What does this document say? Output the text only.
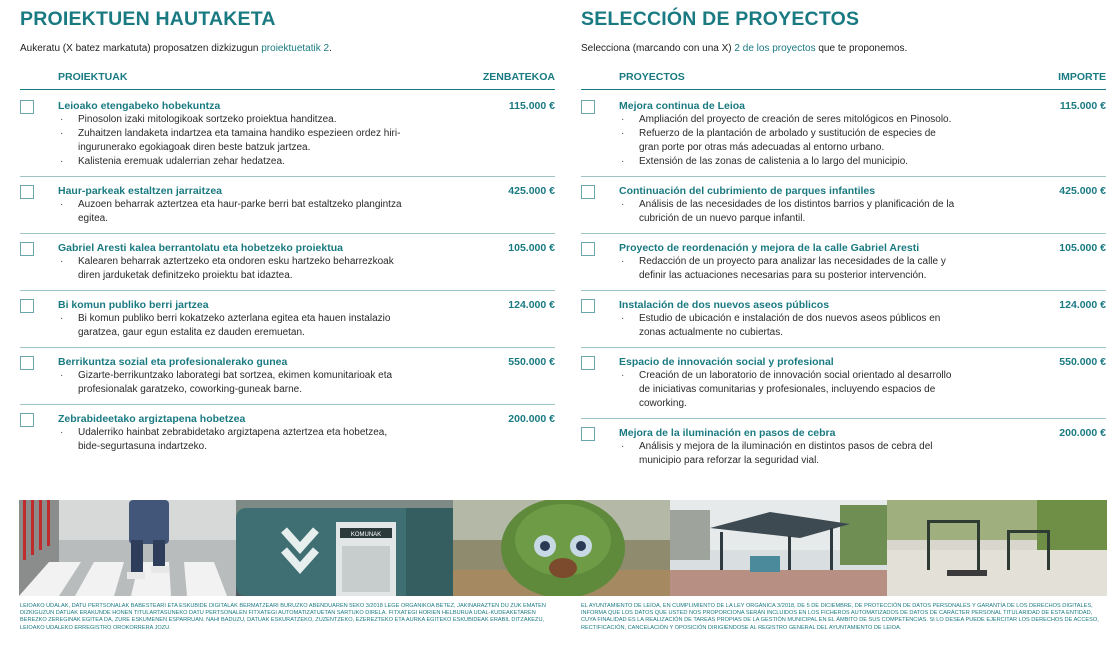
PROIEKTUEN HAUTAKETA
Aukeratu (X batez markatuta) proposatzen dizkizugun proiektuetatik 2.
PROIEKTUAK	ZENBATEKOA
Leioako etengabeko hobekuntza	115.000 €
· Pinosolon izaki mitologikoak sortzeko proiektua handitzea.
· Zuhaitzen landaketa indartzea eta tamaina handiko espezieen ordez hiri-ingurunerako egokiagoak diren beste batzuk jartzea.
· Kalistenia eremuak udalerrian zehar hedatzea.
Haur-parkeak estaltzen jarraitzea	425.000 €
· Auzoen beharrak aztertzea eta haur-parke berri bat estaltzeko plangintza egitea.
Gabriel Aresti kalea berrantolatu eta hobetzeko proiektua	105.000 €
· Kalearen beharrak aztertzeko eta ondoren esku hartzeko beharrezkoak diren jarduketak definitzeko proiektu bat idaztea.
Bi komun publiko berri jartzea	124.000 €
· Bi komun publiko berri kokatzeko azterlana egitea eta hauen instalazio garatzea, gaur egun estalita ez dauden eremuetan.
Berrikuntza sozial eta profesionalerako gunea	550.000 €
· Gizarte-berrikuntzako laborategi bat sortzea, ekimen komunitarioak eta profesionalak garatzeko, coworking-guneak barne.
Zebrabideetako argiztapena hobetzea	200.000 €
· Udalerriko hainbat zebrabidetako argiztapena aztertzea eta hobetzea, bide-segurtasuna indartzeko.
SELECCIÓN DE PROYECTOS
Selecciona (marcando con una X) 2 de los proyectos que te proponemos.
PROYECTOS	IMPORTE
Mejora continua de Leioa	115.000 €
· Ampliación del proyecto de creación de seres mitológicos en Pinosolo.
· Refuerzo de la plantación de arbolado y sustitución de especies de gran porte por otras más adecuadas al entorno urbano.
· Extensión de las zonas de calistenia a lo largo del municipio.
Continuación del cubrimiento de parques infantiles	425.000 €
· Análisis de las necesidades de los distintos barrios y planificación de la cubrición de un nuevo parque infantil.
Proyecto de reordenación y mejora de la calle Gabriel Aresti	105.000 €
· Redacción de un proyecto para analizar las necesidades de la calle y definir las actuaciones necesarias para su posterior intervención.
Instalación de dos nuevos aseos públicos	124.000 €
· Estudio de ubicación e instalación de dos nuevos aseos públicos en zonas actualmente no cubiertas.
Espacio de innovación social y profesional	550.000 €
· Creación de un laboratorio de innovación social orientado al desarrollo de iniciativas comunitarias y profesionales, incluyendo espacios de coworking.
Mejora de la iluminación en pasos de cebra	200.000 €
· Análisis y mejora de la iluminación en distintos pasos de cebra del municipio para reforzar la seguridad vial.
KOMUNAK
LEIOAKO UDALAK, DATU PERTSONALAK BABESTEARI ETA ESKUBIDE DIGITALAK BERMATZEARI BURUZKO ABENDUAREN 5EKO 3/2018 LEGE ORGANIKOA BETEZ, JAKINARAZTEN DU ZUK EMATEN DIZKIGUZUN DATUAK ERAKUNDE HONEN TITULARTASUNEKO DATU PERTSONALEN FITXATEGI AUTOMATIZATUETAN SARTUKO DIRELA. FITXATEGI HORIEN HELBURUA UDAL-KUDEAKETAREN BEREZKO ZEREGINAK EGITEA DA, ZURE ESKUMENEN ESPARRUAN. NAHI BADUZU, DATUAK ESKURATZEKO, ZUZENTZEKO, EZEREZTEKO ETA AURKA EGITEKO ESKUBIDEAK ERABIL DITZAKEZU, LEIOAKO UDALEKO ERREGISTRO OROKORRERA JOZU.
EL AYUNTAMIENTO DE LEIOA, EN CUMPLIMIENTO DE LA LEY ORGÁNICA 3/2018, DE 5 DE DICIEMBRE, DE PROTECCIÓN DE DATOS PERSONALES Y GARANTÍA DE LOS DERECHOS DIGITALES, INFORMA QUE LOS DATOS QUE USTED NOS PROPORCIONA SERÁN INCLUIDOS EN LOS FICHEROS AUTOMATIZADOS DE DATOS DE CARÁCTER PERSONAL TITULARIDAD DE ESTA ENTIDAD, CUYA FINALIDAD ES LA REALIZACIÓN DE TAREAS PROPIAS DE LA GESTIÓN MUNICIPAL EN EL ÁMBITO DE SUS COMPETENCIAS. SI LO DESEA PUEDE EJERCITAR LOS DERECHOS DE ACCESO, RECTIFICACIÓN, CANCELACIÓN Y OPOSICIÓN DIRIGIÉNDOSE AL REGISTRO GENERAL DEL AYUNTAMIENTO DE LEIOA.
